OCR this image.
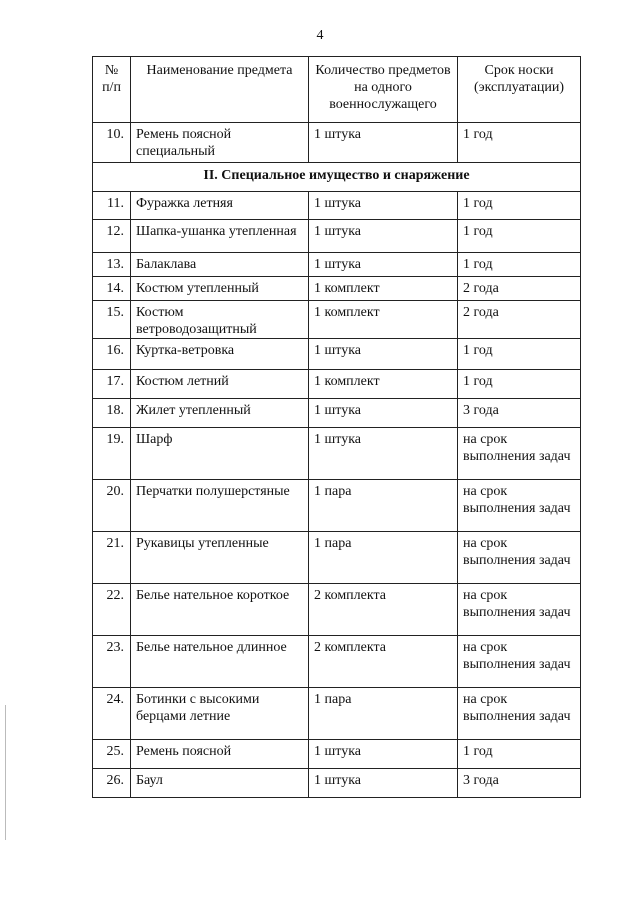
4
№
п/п	Наименование предмета	Количество предметов на одного военнослужащего	Срок носки (эксплуатации)
10.	Ремень поясной специальный	1 штука	1 год
II. Специальное имущество и снаряжение			
11.	Фуражка летняя	1 штука	1 год
12.	Шапка-ушанка утепленная	1 штука	1 год
13.	Балаклава	1 штука	1 год
14.	Костюм утепленный	1 комплект	2 года
15.	Костюм ветроводозащитный	1 комплект	2 года
16.	Куртка-ветровка	1 штука	1 год
17.	Костюм летний	1 комплект	1 год
18.	Жилет утепленный	1 штука	3 года
19.	Шарф	1 штука	на срок выполнения задач
20.	Перчатки полушерстяные	1 пара	на срок выполнения задач
21.	Рукавицы утепленные	1 пара	на срок выполнения задач
22.	Белье нательное короткое	2 комплекта	на срок выполнения задач
23.	Белье нательное длинное	2 комплекта	на срок выполнения задач
24.	Ботинки с высокими берцами летние	1 пара	на срок выполнения задач
25.	Ремень поясной	1 штука	1 год
26.	Баул	1 штука	3 года
